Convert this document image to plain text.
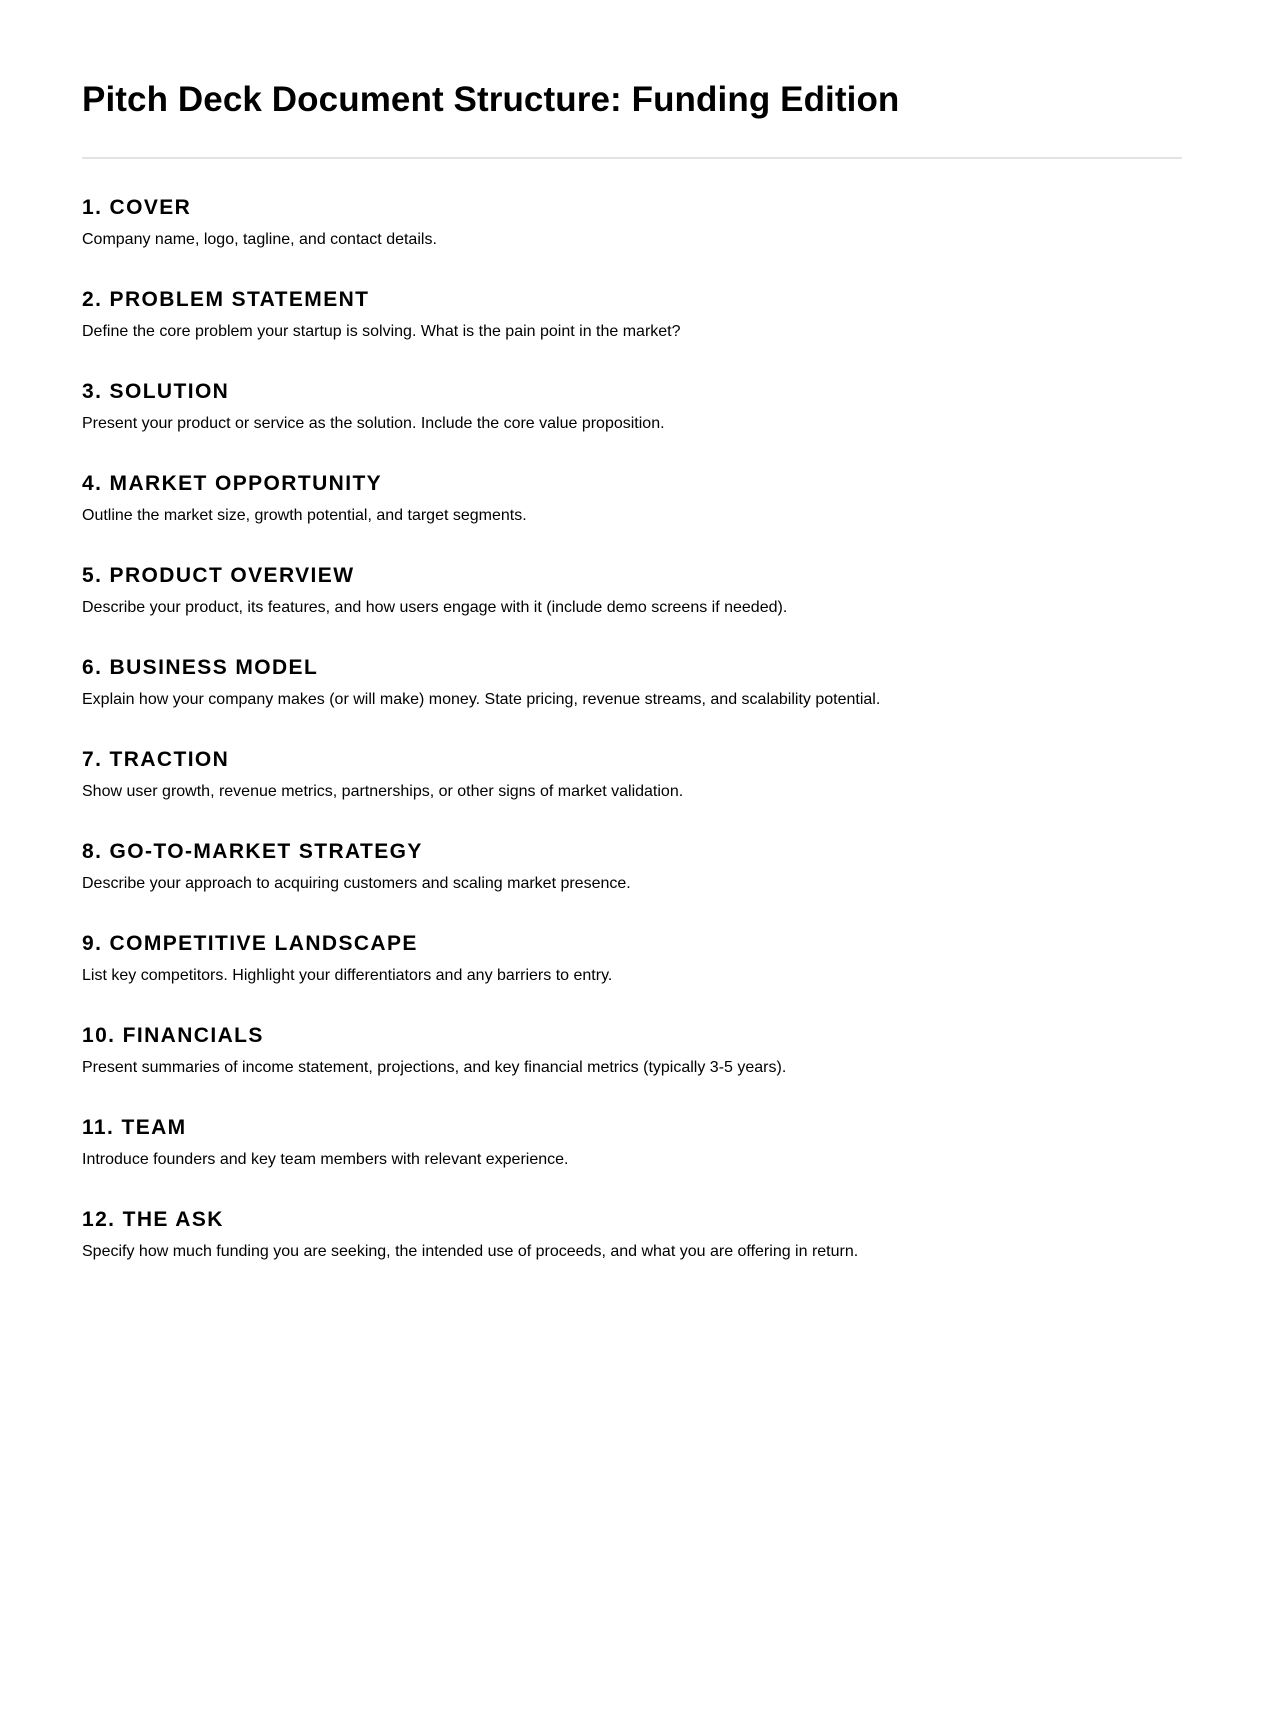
Pitch Deck Document Structure: Funding Edition
1. COVER

Company name, logo, tagline, and contact details.

2. PROBLEM STATEMENT

Define the core problem your startup is solving. What is the pain point in the market?

3. SOLUTION

Present your product or service as the solution. Include the core value proposition.

4. MARKET OPPORTUNITY

Outline the market size, growth potential, and target segments.

5. PRODUCT OVERVIEW

Describe your product, its features, and how users engage with it (include demo screens if needed).

6. BUSINESS MODEL

Explain how your company makes (or will make) money. State pricing, revenue streams, and scalability potential.

7. TRACTION

Show user growth, revenue metrics, partnerships, or other signs of market validation.

8. GO-TO-MARKET STRATEGY

Describe your approach to acquiring customers and scaling market presence.

9. COMPETITIVE LANDSCAPE

List key competitors. Highlight your differentiators and any barriers to entry.

10. FINANCIALS

Present summaries of income statement, projections, and key financial metrics (typically 3-5 years).

11. TEAM

Introduce founders and key team members with relevant experience.

12. THE ASK

Specify how much funding you are seeking, the intended use of proceeds, and what you are offering in return.
